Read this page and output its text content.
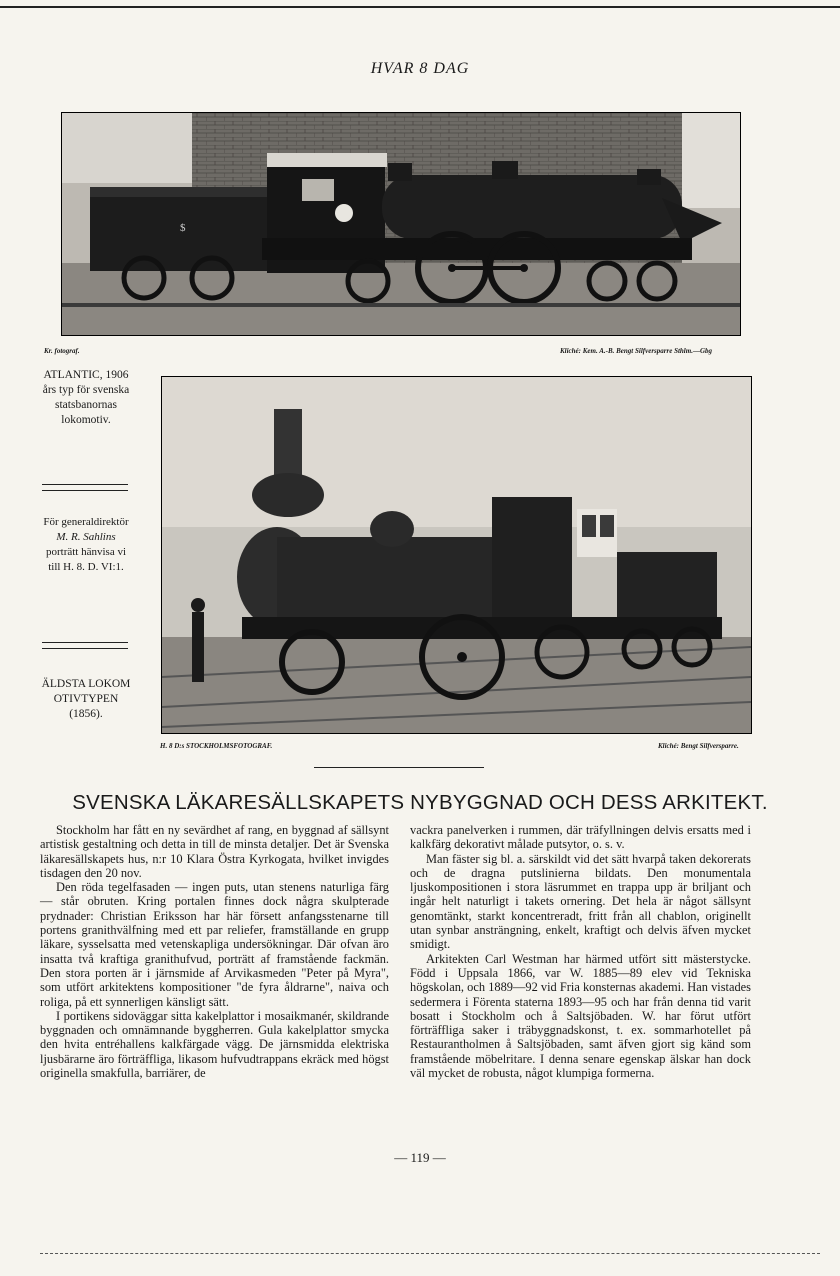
HVAR 8 DAG
$
Kr. fotograf.	Kliché: Kem. A.-B. Bengt Silfversparre Sthlm.—Gbg
ATLANTIC, 1906 års typ för svenska statsbanornas lokomotiv.
För generaldirektör
M. R. Sahlins
porträtt hänvisa vi till H. 8. D. VI:1.
ÄLDSTA LOKOMOTIVTYPEN
(1856).
H. 8 D:s STOCKHOLMSFOTOGRAF.	Kliché: Bengt Silfversparre.
SVENSKA LÄKARESÄLLSKAPETS NYBYGGNAD OCH DESS ARKITEKT.

Stockholm har fått en ny sevärdhet af rang, en byggnad af sällsynt artistisk gestaltning och detta in till de minsta detaljer. Det är Svenska läkaresällskapets hus, n:r 10 Klara Östra Kyrkogata, hvilket invigdes tisdagen den 20 nov.

Den röda tegelfasaden — ingen puts, utan stenens naturliga färg — står obruten. Kring portalen finnes dock några skulpterade prydnader: Christian Eriksson har här försett anfangsstenarne till portens granithvälfning med ett par reliefer, framställande en grupp läkare, sysselsatta med vetenskapliga undersökningar. Där ofvan äro insatta två kraftiga granithufvud, porträtt af framstående fackmän. Den stora porten är i järnsmide af Arvikasmeden "Peter på Myra", som utfört arkitektens kompositioner "de fyra åldrarne", naiva och roliga, på ett synnerligen känsligt sätt.

I portikens sidoväggar sitta kakelplattor i mosaikmanér, skildrande byggnaden och omnämnande byggherren. Gula kakelplattor smycka den hvita entréhallens kalkfärgade vägg. De järnsmidda elektriska ljusbärarne äro förträffliga, likasom hufvudtrappans ekräck med högst originella smakfulla, barriärer, de

vackra panelverken i rummen, där träfyllningen delvis ersatts med i kalkfärg dekorativt målade putsytor, o. s. v.

Man fäster sig bl. a. särskildt vid det sätt hvarpå taken dekorerats och de dragna putslinierna bildats. Den monumentala ljuskompositionen i stora läsrummet en trappa upp är briljant och ingår helt naturligt i takets ornering. Det hela är något sällsynt genomtänkt, starkt koncentreradt, fritt från all chablon, originellt utan synbar ansträngning, enkelt, kraftigt och delvis äfven mycket smidigt.

Arkitekten Carl Westman har härmed utfört sitt mästerstycke. Född i Uppsala 1866, var W. 1885—89 elev vid Tekniska högskolan, och 1889—92 vid Fria konsternas akademi. Han vistades sedermera i Förenta staterna 1893—95 och har från denna tid varit bosatt i Stockholm och å Saltsjöbaden. W. har förut utfört förträffliga saker i träbyggnadskonst, t. ex. sommarhotellet på Restaurantholmen å Saltsjöbaden, samt äfven gjort sig känd som framstående möbelritare. I denna senare egenskap älskar han dock väl mycket de robusta, något klumpiga formerna.

— 119 —
